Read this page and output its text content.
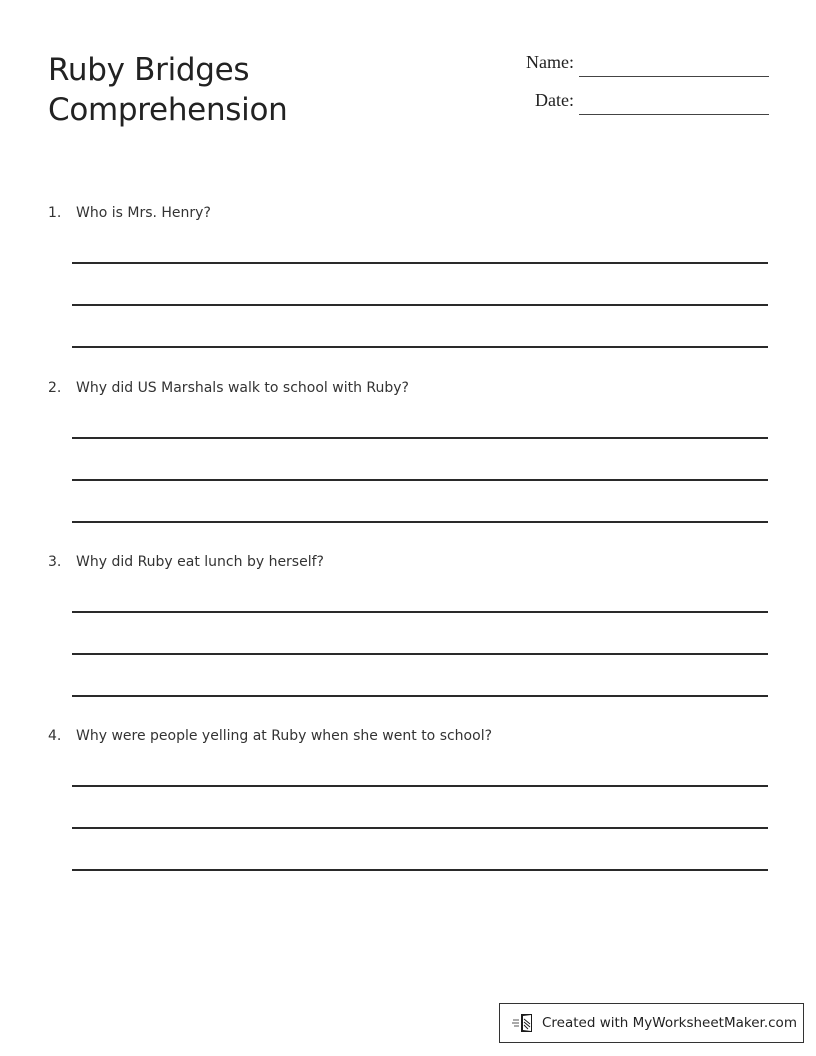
Ruby Bridges
Comprehension
Name:
Date:
1.	Who is Mrs. Henry?
2.	Why did US Marshals walk to school with Ruby?
3.	Why did Ruby eat lunch by herself?
4.	Why were people yelling at Ruby when she went to school?
Created with MyWorksheetMaker.com
